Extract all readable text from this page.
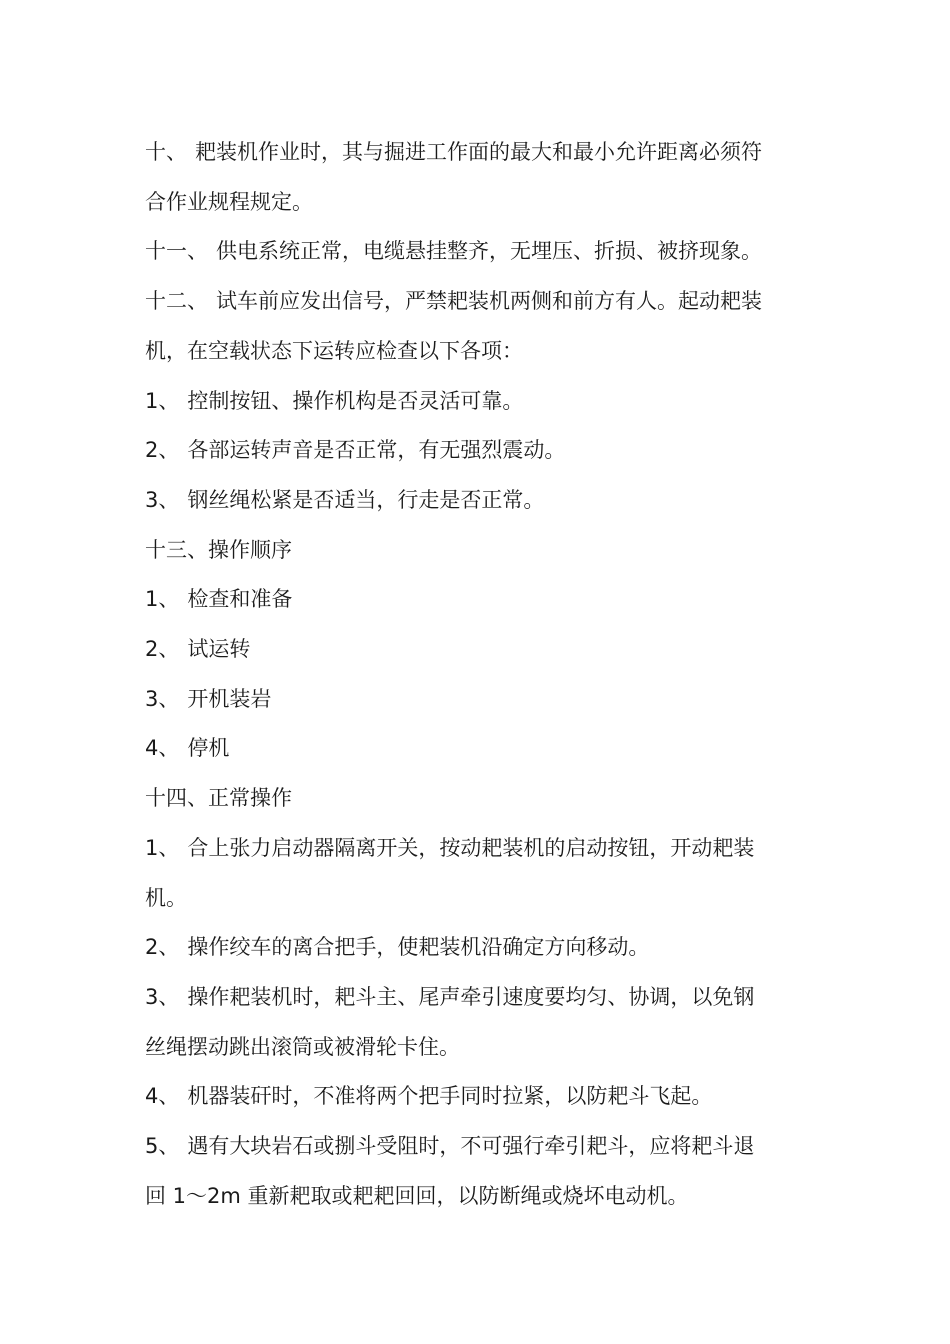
十、 耙装机作业时，其与掘进工作面的最大和最小允许距离必须符
合作业规程规定。
十一、 供电系统正常，电缆悬挂整齐，无埋压、折损、被挤现象。
十二、 试车前应发出信号，严禁耙装机两侧和前方有人。起动耙装
机，在空载状态下运转应检查以下各项：
1、 控制按钮、操作机构是否灵活可靠。
2、 各部运转声音是否正常，有无强烈震动。
3、 钢丝绳松紧是否适当，行走是否正常。
十三、操作顺序
1、 检查和准备
2、 试运转
3、 开机装岩
4、 停机
十四、正常操作
1、 合上张力启动器隔离开关，按动耙装机的启动按钮，开动耙装
机。
2、 操作绞车的离合把手，使耙装机沿确定方向移动。
3、 操作耙装机时，耙斗主、尾声牵引速度要均匀、协调，以免钢
丝绳摆动跳出滚筒或被滑轮卡住。
4、 机器装矸时，不准将两个把手同时拉紧，以防耙斗飞起。
5、 遇有大块岩石或捌斗受阻时，不可强行牵引耙斗，应将耙斗退
回 1～2m 重新耙取或耙耙回回，以防断绳或烧坏电动机。
